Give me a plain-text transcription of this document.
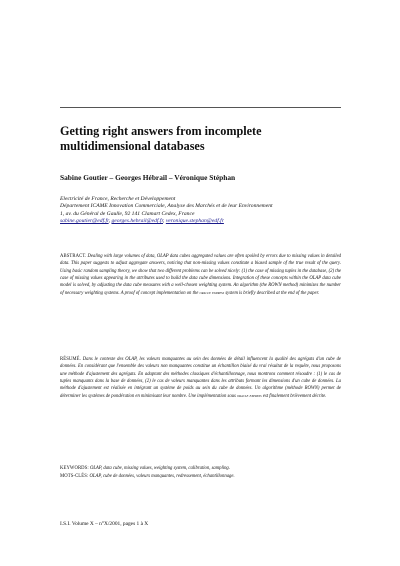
Getting right answers from incomplete multidimensional databases
Sabine Goutier – Georges Hébrail – Véronique Stéphan
Electricité de France, Recherche et Développement
Département ICAME Innovation Commerciale, Analyse des Marchés et de leur Environnement
1, av. du Général de Gaulle, 92 141 Clamart Cedex, France
sabine.goutier@edf.fr, georges.hebrail@edf.fr, veronique.stephan@edf.fr

ABSTRACT. Dealing with large volumes of data, OLAP data cubes aggregated values are often spoiled by errors due to missing values in detailed data. This paper suggests to adjust aggregate answers, noticing that non-missing values constitute a biased sample of the true result of the query. Using basic random sampling theory, we show that two different problems can be solved nicely: (1) the case of missing tuples in the database, (2) the case of missing values appearing in the attributes used to build the data cube dimensions. Integration of these concepts within the OLAP data cube model is solved, by adjusting the data cube measures with a well-chosen weighting system. An algorithm (the ROWN method) minimizes the number of necessary weighting systems. A proof of concept implementation on the oracle express system is briefly described at the end of the paper.

RÉSUMÉ. Dans le contexte des OLAP, les valeurs manquantes au sein des données de détail influencent la qualité des agrégats d'un cube de données. En considérant que l'ensemble des valeurs non manquantes constitue un échantillon biaisé du vrai résultat de la requête, nous proposons une méthode d'ajustement des agrégats. En adaptant des méthodes classiques d'échantillonnage, nous montrons comment résoudre : (1) le cas de tuples manquants dans la base de données, (2) le cas de valeurs manquantes dans les attributs formant les dimensions d'un cube de données. La méthode d'ajustement est réalisée en intégrant un système de poids au sein du cube de données. Un algorithme (méthode ROWN) permet de déterminer les systèmes de pondération en minimisant leur nombre. Une implémentation sous oracle express est finalement brièvement décrite.

KEYWORDS: OLAP, data cube, missing values, weighting system, calibration, sampling.

MOTS-CLÉS: OLAP, cube de données, valeurs manquantes, redressement, échantillonnage.

I.S.I. Volume X – n°X/2001, pages 1 à X
